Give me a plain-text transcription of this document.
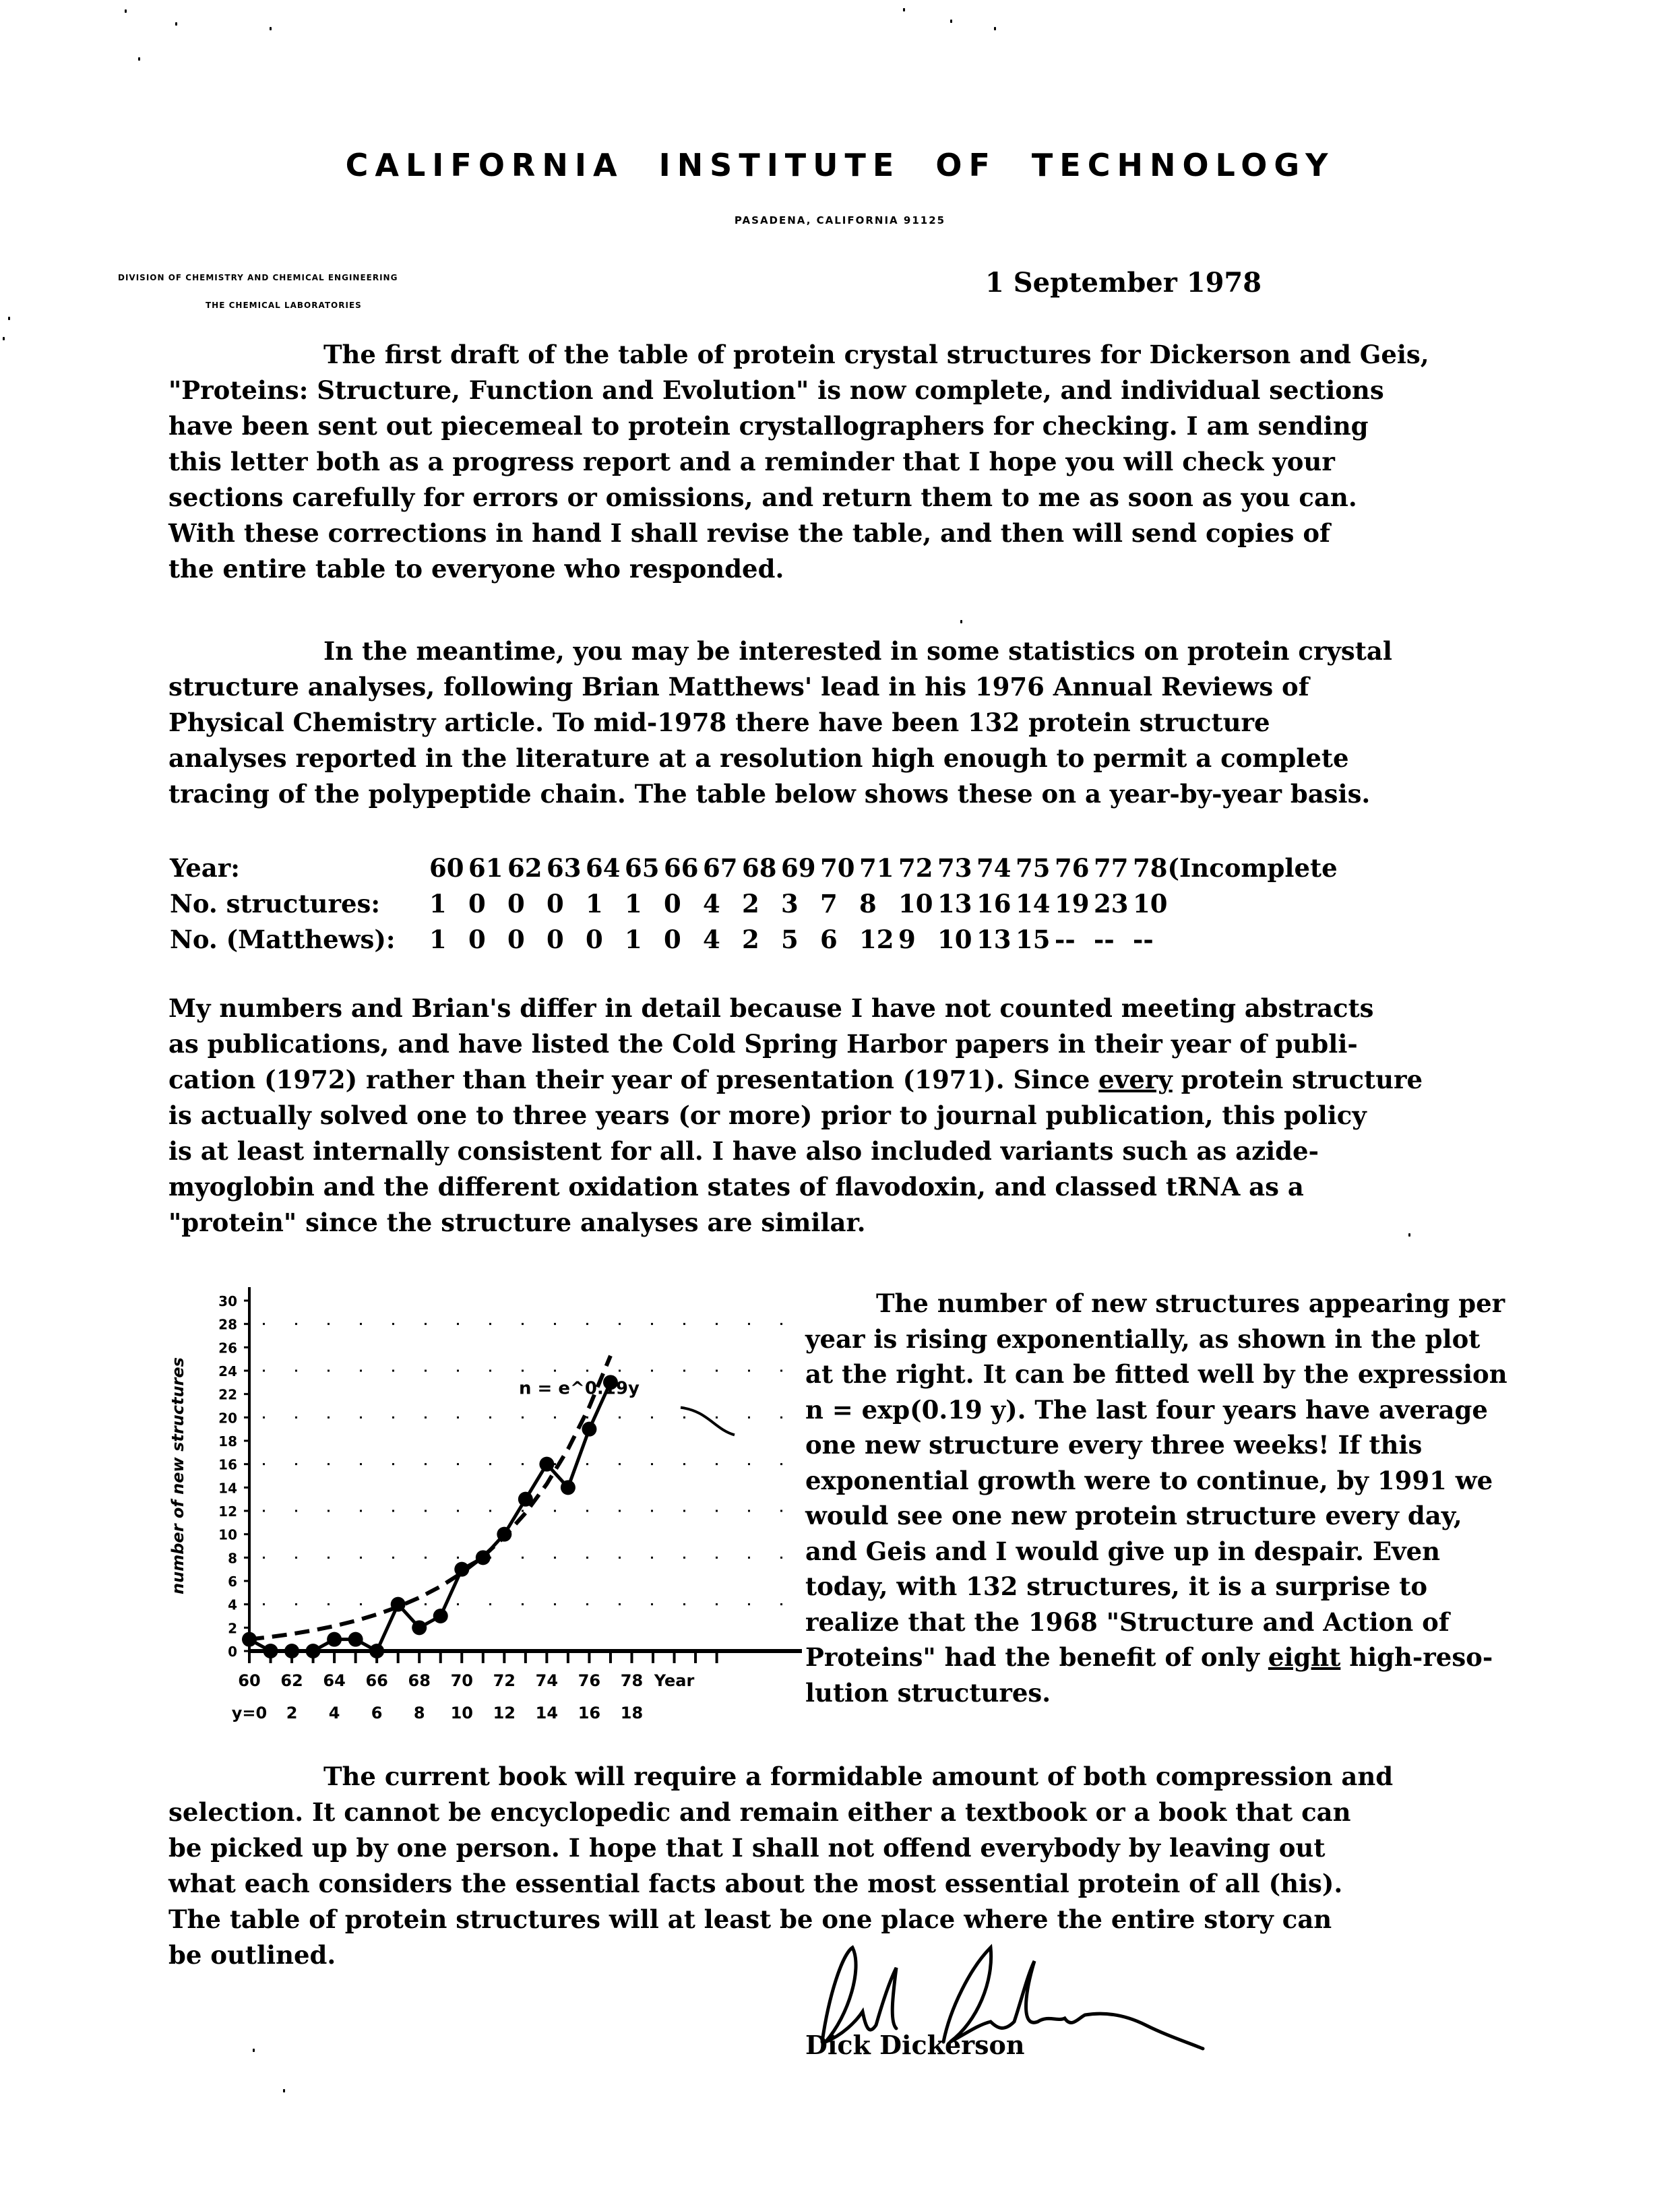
CALIFORNIA INSTITUTE OF TECHNOLOGY
PASADENA, CALIFORNIA 91125
DIVISION OF CHEMISTRY AND CHEMICAL ENGINEERING
THE CHEMICAL LABORATORIES
1 September 1978
The first draft of the table of protein crystal structures for Dickerson and Geis,
"Proteins: Structure, Function and Evolution" is now complete, and individual sections
have been sent out piecemeal to protein crystallographers for checking. I am sending
this letter both as a progress report and a reminder that I hope you will check your
sections carefully for errors or omissions, and return them to me as soon as you can.
With these corrections in hand I shall revise the table, and then will send copies of
the entire table to everyone who responded.
In the meantime, you may be interested in some statistics on protein crystal
structure analyses, following Brian Matthews' lead in his 1976 Annual Reviews of
Physical Chemistry article. To mid-1978 there have been 132 protein structure
analyses reported in the literature at a resolution high enough to permit a complete
tracing of the polypeptide chain. The table below shows these on a year-by-year basis.
Year:	60 61 62 63 64 65 66 67 68 69 70 71 72 73 74 75 76 77 78(Incomplete
No. structures:	1 0 0 0 1 1 0 4 2 3 7 8 10 13 16 14 19 23 10
No. (Matthews):	1 0 0 0 0 1 0 4 2 5 6 12 9 10 13 15 -- -- --
My numbers and Brian's differ in detail because I have not counted meeting abstracts
as publications, and have listed the Cold Spring Harbor papers in their year of publi-
cation (1972) rather than their year of presentation (1971). Since every protein structure
is actually solved one to three years (or more) prior to journal publication, this policy
is at least internally consistent for all. I have also included variants such as azide-
myoglobin and the different oxidation states of flavodoxin, and classed tRNA as a
"protein" since the structure analyses are similar.
0
2
4
6
8
10
12
14
16
18
20
22
24
26
28
30
60 62 64 66 68 70 72 74 76 78 Year
y=0 2 4 6 8 10 12 14 16 18
number of new structures	n = e^0.19y
The number of new structures appearing per
year is rising exponentially, as shown in the plot
at the right. It can be fitted well by the expression
n = exp(0.19 y). The last four years have average
one new structure every three weeks! If this
exponential growth were to continue, by 1991 we
would see one new protein structure every day,
and Geis and I would give up in despair. Even
today, with 132 structures, it is a surprise to
realize that the 1968 "Structure and Action of
Proteins" had the benefit of only eight high-reso-
lution structures.
The current book will require a formidable amount of both compression and
selection. It cannot be encyclopedic and remain either a textbook or a book that can
be picked up by one person. I hope that I shall not offend everybody by leaving out
what each considers the essential facts about the most essential protein of all (his).
The table of protein structures will at least be one place where the entire story can
be outlined.
Dick Dickerson
